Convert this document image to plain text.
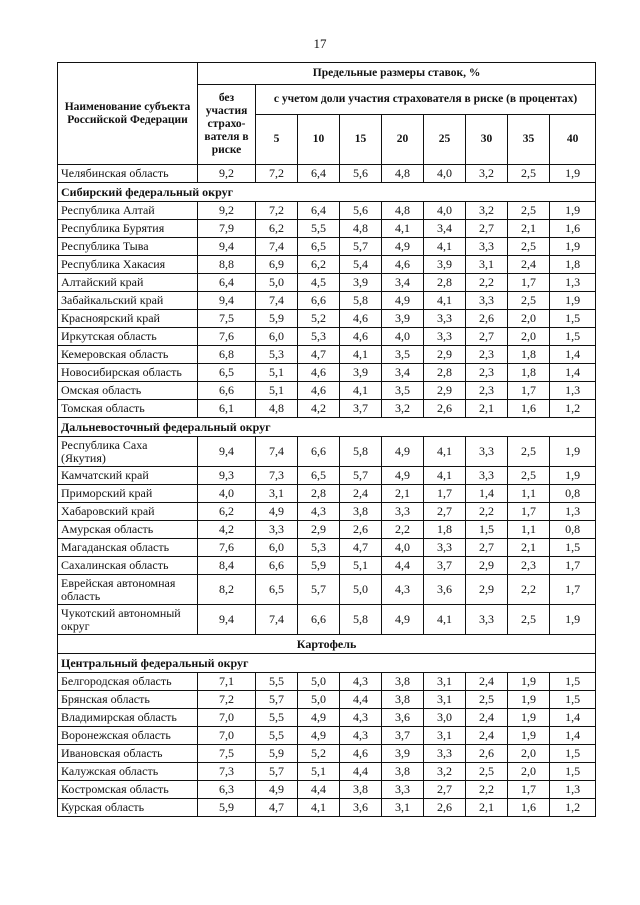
17
Наименование субъекта Российской Федерации	Предельные размеры ставок, %								
	без участия страхо-вателя в риске	с учетом доли участия страхователя в риске (в процентах)							
		5	10	15	20	25	30	35	40
Челябинская область	9,2	7,2	6,4	5,6	4,8	4,0	3,2	2,5	1,9
Сибирский федеральный округ									
Республика Алтай	9,2	7,2	6,4	5,6	4,8	4,0	3,2	2,5	1,9
Республика Бурятия	7,9	6,2	5,5	4,8	4,1	3,4	2,7	2,1	1,6
Республика Тыва	9,4	7,4	6,5	5,7	4,9	4,1	3,3	2,5	1,9
Республика Хакасия	8,8	6,9	6,2	5,4	4,6	3,9	3,1	2,4	1,8
Алтайский край	6,4	5,0	4,5	3,9	3,4	2,8	2,2	1,7	1,3
Забайкальский край	9,4	7,4	6,6	5,8	4,9	4,1	3,3	2,5	1,9
Красноярский край	7,5	5,9	5,2	4,6	3,9	3,3	2,6	2,0	1,5
Иркутская область	7,6	6,0	5,3	4,6	4,0	3,3	2,7	2,0	1,5
Кемеровская область	6,8	5,3	4,7	4,1	3,5	2,9	2,3	1,8	1,4
Новосибирская область	6,5	5,1	4,6	3,9	3,4	2,8	2,3	1,8	1,4
Омская область	6,6	5,1	4,6	4,1	3,5	2,9	2,3	1,7	1,3
Томская область	6,1	4,8	4,2	3,7	3,2	2,6	2,1	1,6	1,2
Дальневосточный федеральный округ									
Республика Саха (Якутия)	9,4	7,4	6,6	5,8	4,9	4,1	3,3	2,5	1,9
Камчатский край	9,3	7,3	6,5	5,7	4,9	4,1	3,3	2,5	1,9
Приморский край	4,0	3,1	2,8	2,4	2,1	1,7	1,4	1,1	0,8
Хабаровский край	6,2	4,9	4,3	3,8	3,3	2,7	2,2	1,7	1,3
Амурская область	4,2	3,3	2,9	2,6	2,2	1,8	1,5	1,1	0,8
Магаданская область	7,6	6,0	5,3	4,7	4,0	3,3	2,7	2,1	1,5
Сахалинская область	8,4	6,6	5,9	5,1	4,4	3,7	2,9	2,3	1,7
Еврейская автономная область	8,2	6,5	5,7	5,0	4,3	3,6	2,9	2,2	1,7
Чукотский автономный округ	9,4	7,4	6,6	5,8	4,9	4,1	3,3	2,5	1,9
Картофель									
Центральный федеральный округ									
Белгородская область	7,1	5,5	5,0	4,3	3,8	3,1	2,4	1,9	1,5
Брянская область	7,2	5,7	5,0	4,4	3,8	3,1	2,5	1,9	1,5
Владимирская область	7,0	5,5	4,9	4,3	3,6	3,0	2,4	1,9	1,4
Воронежская область	7,0	5,5	4,9	4,3	3,7	3,1	2,4	1,9	1,4
Ивановская область	7,5	5,9	5,2	4,6	3,9	3,3	2,6	2,0	1,5
Калужская область	7,3	5,7	5,1	4,4	3,8	3,2	2,5	2,0	1,5
Костромская область	6,3	4,9	4,4	3,8	3,3	2,7	2,2	1,7	1,3
Курская область	5,9	4,7	4,1	3,6	3,1	2,6	2,1	1,6	1,2
